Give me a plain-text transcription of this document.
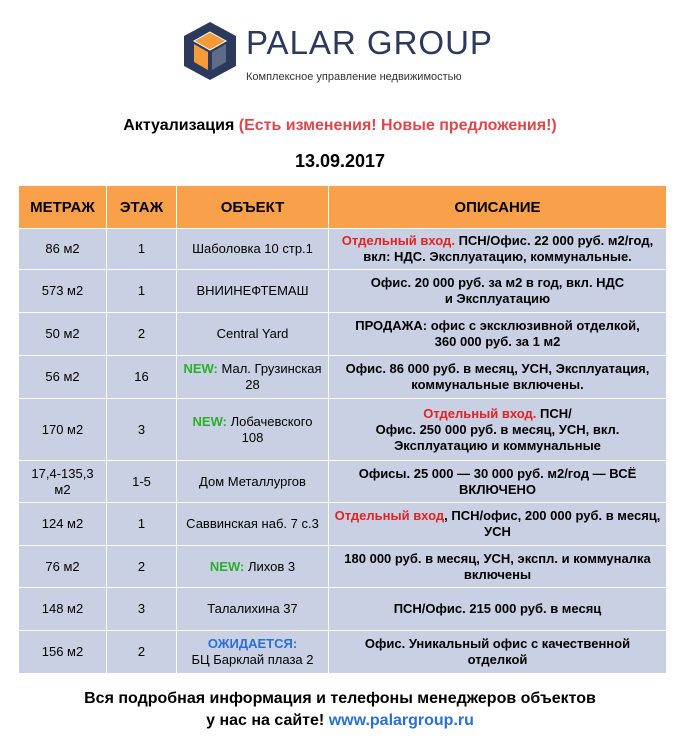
PALAR GROUP
Комплексное управление недвижимостью
Актуализация (Есть изменения! Новые предложения!)
13.09.2017
МЕТРАЖ	ЭТАЖ	ОБЪЕКТ	ОПИСАНИЕ
86 м2	1	Шаболовка 10 стр.1	Отдельный вход. ПСН/Офис. 22 000 руб. м2/год,
вкл: НДС. Эксплуатацию, коммунальные.
573 м2	1	ВНИИНЕФТЕМАШ	Офис. 20 000 руб. за м2 в год, вкл. НДС
и Эксплуатацию
50 м2	2	Central Yard	ПРОДАЖА: офис с эксклюзивной отделкой,
360 000 руб. за 1 м2
56 м2	16	NEW: Мал. Грузинская 28	Офис. 86 000 руб. в месяц, УСН, Эксплуатация,
коммунальные включены.
170 м2	3	NEW: Лобачевского 108	Отдельный вход. ПСН/
Офис. 250 000 руб. в месяц, УСН, вкл.
Эксплуатацию и коммунальные
17,4-135,3 м2	1-5	Дом Металлургов	Офисы. 25 000 — 30 000 руб. м2/год — ВСЁ
ВКЛЮЧЕНО
124 м2	1	Саввинская наб. 7 с.3	Отдельный вход, ПСН/офис, 200 000 руб. в месяц,
УСН
76 м2	2	NEW: Лихов 3	180 000 руб. в месяц, УСН, экспл. и коммуналка
включены
148 м2	3	Талалихина 37	ПСН/Офис. 215 000 руб. в месяц
156 м2	2	ОЖИДАЕТСЯ:
БЦ Барклай плаза 2	Офис. Уникальный офис с качественной
отделкой
Вся подробная информация и телефоны менеджеров объектов
у нас на сайте! www.palargroup.ru
